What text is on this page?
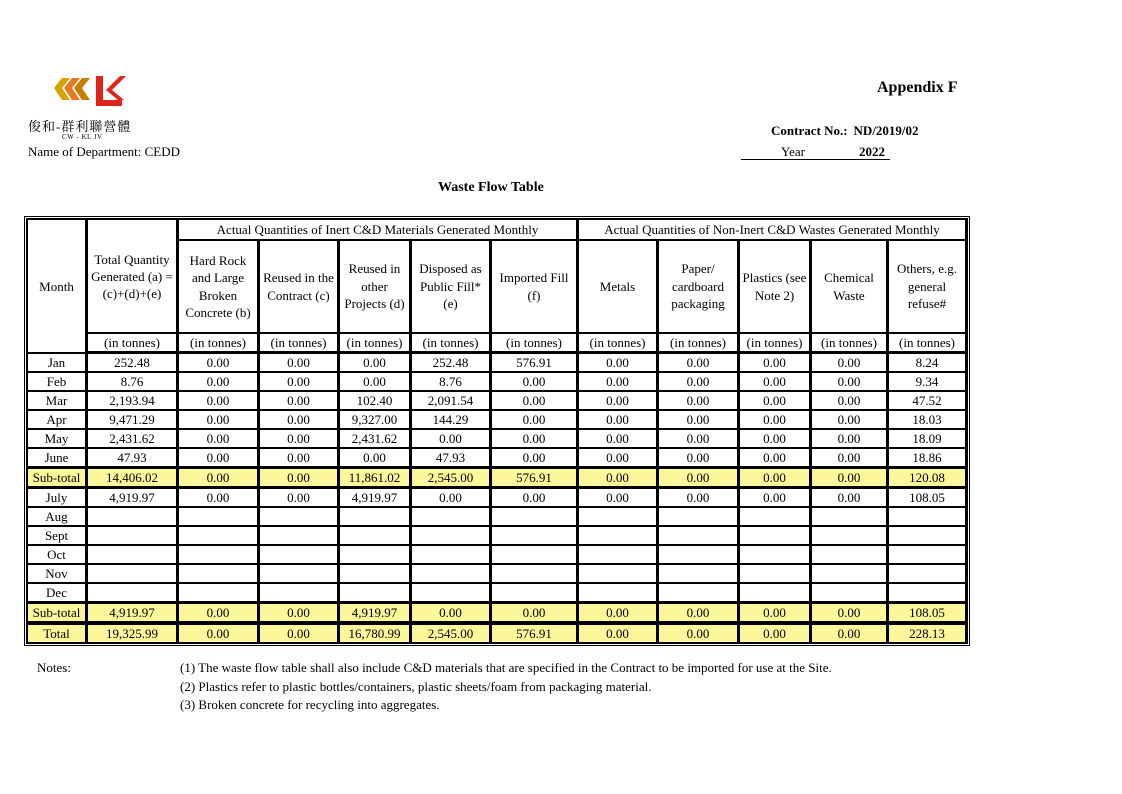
俊和-群利聯營體
CW - KL JV
Name of Department: CEDD
Appendix F
Contract No.: ND/2019/02
Year	2022
Waste Flow Table
Month	Total Quantity Generated (a) = (c)+(d)+(e)	Actual Quantities of Inert C&D Materials Generated Monthly					Actual Quantities of Non-Inert C&D Wastes Generated Monthly				
		Hard Rock and Large Broken Concrete (b)	Reused in the Contract (c)	Reused in other Projects (d)	Disposed as Public Fill* (e)	Imported Fill (f)	Metals	Paper/ cardboard packaging	Plastics (see Note 2)	Chemical Waste	Others, e.g. general refuse#
	(in tonnes)	(in tonnes)	(in tonnes)	(in tonnes)	(in tonnes)	(in tonnes)	(in tonnes)	(in tonnes)	(in tonnes)	(in tonnes)	(in tonnes)
Jan	252.48	0.00	0.00	0.00	252.48	576.91	0.00	0.00	0.00	0.00	8.24
Feb	8.76	0.00	0.00	0.00	8.76	0.00	0.00	0.00	0.00	0.00	9.34
Mar	2,193.94	0.00	0.00	102.40	2,091.54	0.00	0.00	0.00	0.00	0.00	47.52
Apr	9,471.29	0.00	0.00	9,327.00	144.29	0.00	0.00	0.00	0.00	0.00	18.03
May	2,431.62	0.00	0.00	2,431.62	0.00	0.00	0.00	0.00	0.00	0.00	18.09
June	47.93	0.00	0.00	0.00	47.93	0.00	0.00	0.00	0.00	0.00	18.86
Sub-total	14,406.02	0.00	0.00	11,861.02	2,545.00	576.91	0.00	0.00	0.00	0.00	120.08
July	4,919.97	0.00	0.00	4,919.97	0.00	0.00	0.00	0.00	0.00	0.00	108.05
Aug											
Sept											
Oct											
Nov											
Dec											
Sub-total	4,919.97	0.00	0.00	4,919.97	0.00	0.00	0.00	0.00	0.00	0.00	108.05
Total	19,325.99	0.00	0.00	16,780.99	2,545.00	576.91	0.00	0.00	0.00	0.00	228.13
Notes:	(1) The waste flow table shall also include C&D materials that are specified in the Contract to be imported for use at the Site.
(2) Plastics refer to plastic bottles/containers, plastic sheets/foam from packaging material.
(3) Broken concrete for recycling into aggregates.
